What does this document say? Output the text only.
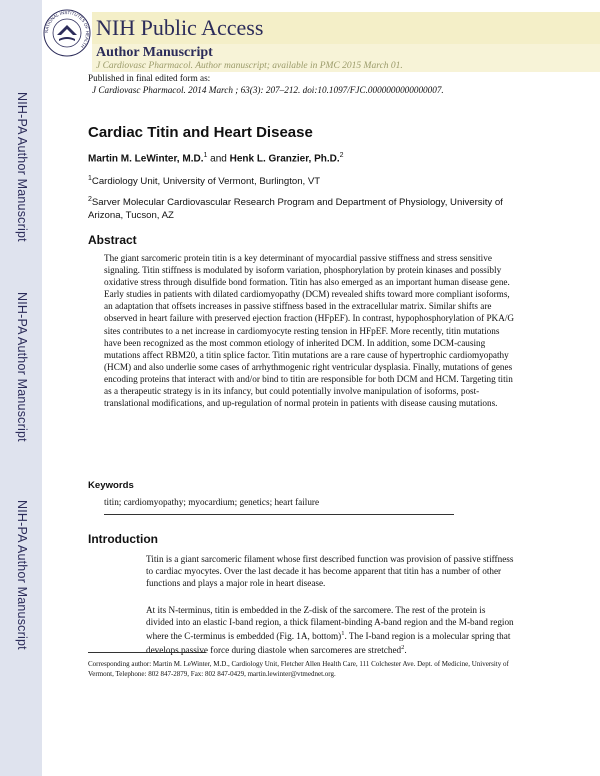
NIH-PA Author Manuscript
NIH-PA Author Manuscript
NIH-PA Author Manuscript
NATIONAL INSTITUTES OF HEALTH
NIH Public Access
Author Manuscript
J Cardiovasc Pharmacol. Author manuscript; available in PMC 2015 March 01.
Published in final edited form as:
J Cardiovasc Pharmacol. 2014 March ; 63(3): 207–212. doi:10.1097/FJC.0000000000000007.
Cardiac Titin and Heart Disease
Martin M. LeWinter, M.D.$^1$ and Henk L. Granzier, Ph.D.$^2$
$^1$Cardiology Unit, University of Vermont, Burlington, VT
$^2$Sarver Molecular Cardiovascular Research Program and Department of Physiology, University of Arizona, Tucson, AZ
Abstract
The giant sarcomeric protein titin is a key determinant of myocardial passive stiffness and stress sensitive signaling. Titin stiffness is modulated by isoform variation, phosphorylation by protein kinases and possibly oxidative stress through disulfide bond formation. Titin has also emerged as an important human disease gene. Early studies in patients with dilated cardiomyopathy (DCM) revealed shifts toward more compliant isoforms, an adaptation that offsets increases in passive stiffness based in the extracellular matrix. Similar shifts are observed in heart failure with preserved ejection fraction (HFpEF). In contrast, hypophosphorylation of PKA/G sites contributes to a net increase in cardiomyocyte resting tension in HFpEF. More recently, titin mutations have been recognized as the most common etiology of inherited DCM. In addition, some DCM-causing mutations affect RBM20, a titin splice factor. Titin mutations are a rare cause of hypertrophic cardiomyopathy (HCM) and also underlie some cases of arrhythmogenic right ventricular dysplasia. Finally, mutations of genes encoding proteins that interact with and/or bind to titin are responsible for both DCM and HCM. Targeting titin as a therapeutic strategy is in its infancy, but could potentially involve manipulation of isoforms, post-translational modifications, and up-regulation of normal protein in patients with disease causing mutations.
Keywords
titin; cardiomyopathy; myocardium; genetics; heart failure
Introduction
Titin is a giant sarcomeric filament whose first described function was provision of passive stiffness to cardiac myocytes. Over the last decade it has become apparent that titin has a number of other functions and plays a major role in heart disease.
At its N-terminus, titin is embedded in the Z-disk of the sarcomere. The rest of the protein is divided into an elastic I-band region, a thick filament-binding A-band region and the M-band region where the C-terminus is embedded (Fig. 1A, bottom)$^1$. The I-band region is a molecular spring that develops passive force during diastole when sarcomeres are stretched$^2$.
Corresponding author: Martin M. LeWinter, M.D., Cardiology Unit, Fletcher Allen Health Care, 111 Colchester Ave. Dept. of Medicine, University of Vermont, Telephone: 802 847-2879, Fax: 802 847-0429, martin.lewinter@vtmednet.org.
